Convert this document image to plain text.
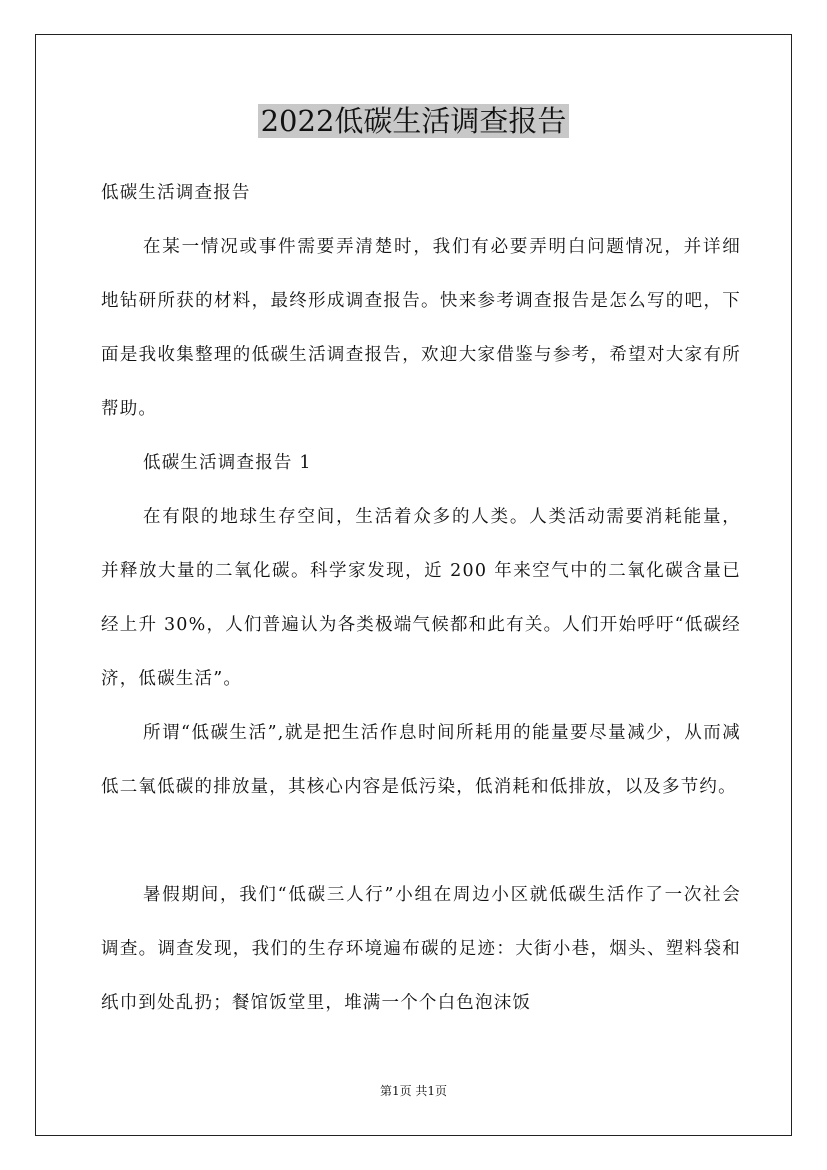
2022低碳生活调查报告

低碳生活调查报告

在某一情况或事件需要弄清楚时，我们有必要弄明白问题情况，并详细地钻研所获的材料，最终形成调查报告。快来参考调查报告是怎么写的吧，下面是我收集整理的低碳生活调查报告，欢迎大家借鉴与参考，希望对大家有所帮助。

低碳生活调查报告 1

在有限的地球生存空间，生活着众多的人类。人类活动需要消耗能量，并释放大量的二氧化碳。科学家发现，近 200 年来空气中的二氧化碳含量已经上升 30%，人们普遍认为各类极端气候都和此有关。人们开始呼吁“低碳经济，低碳生活”。

所谓“低碳生活”,就是把生活作息时间所耗用的能量要尽量减少，从而减低二氧低碳的排放量，其核心内容是低污染，低消耗和低排放，以及多节约。

暑假期间，我们“低碳三人行”小组在周边小区就低碳生活作了一次社会调查。调查发现，我们的生存环境遍布碳的足迹：大街小巷，烟头、塑料袋和纸巾到处乱扔；餐馆饭堂里，堆满一个个白色泡沫饭

第1页 共1页
